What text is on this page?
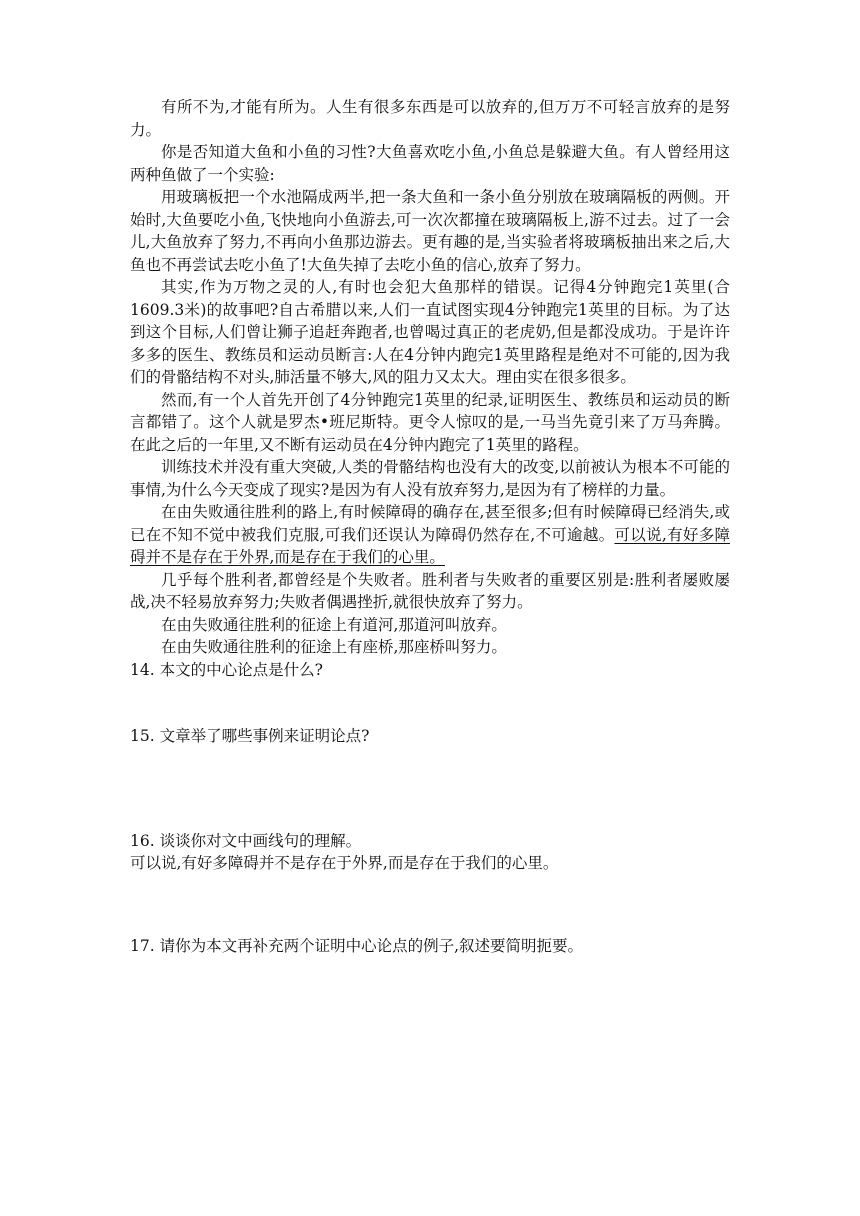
有所不为,才能有所为。人生有很多东西是可以放弃的,但万万不可轻言放弃的是努力。

你是否知道大鱼和小鱼的习性?大鱼喜欢吃小鱼,小鱼总是躲避大鱼。有人曾经用这两种鱼做了一个实验:

用玻璃板把一个水池隔成两半,把一条大鱼和一条小鱼分别放在玻璃隔板的两侧。开始时,大鱼要吃小鱼,飞快地向小鱼游去,可一次次都撞在玻璃隔板上,游不过去。过了一会儿,大鱼放弃了努力,不再向小鱼那边游去。更有趣的是,当实验者将玻璃板抽出来之后,大鱼也不再尝试去吃小鱼了!大鱼失掉了去吃小鱼的信心,放弃了努力。

其实,作为万物之灵的人,有时也会犯大鱼那样的错误。记得4分钟跑完1英里(合1609.3米)的故事吧?自古希腊以来,人们一直试图实现4分钟跑完1英里的目标。为了达到这个目标,人们曾让狮子追赶奔跑者,也曾喝过真正的老虎奶,但是都没成功。于是许许多多的医生、教练员和运动员断言:人在4分钟内跑完1英里路程是绝对不可能的,因为我们的骨骼结构不对头,肺活量不够大,风的阻力又太大。理由实在很多很多。

然而,有一个人首先开创了4分钟跑完1英里的纪录,证明医生、教练员和运动员的断言都错了。这个人就是罗杰•班尼斯特。更令人惊叹的是,一马当先竟引来了万马奔腾。在此之后的一年里,又不断有运动员在4分钟内跑完了1英里的路程。

训练技术并没有重大突破,人类的骨骼结构也没有大的改变,以前被认为根本不可能的事情,为什么今天变成了现实?是因为有人没有放弃努力,是因为有了榜样的力量。

在由失败通往胜利的路上,有时候障碍的确存在,甚至很多;但有时候障碍已经消失,或已在不知不觉中被我们克服,可我们还误认为障碍仍然存在,不可逾越。可以说,有好多障碍并不是存在于外界,而是存在于我们的心里。

几乎每个胜利者,都曾经是个失败者。胜利者与失败者的重要区别是:胜利者屡败屡战,决不轻易放弃努力;失败者偶遇挫折,就很快放弃了努力。

在由失败通往胜利的征途上有道河,那道河叫放弃。

在由失败通往胜利的征途上有座桥,那座桥叫努力。

14. 本文的中心论点是什么?

15. 文章举了哪些事例来证明论点?

16. 谈谈你对文中画线句的理解。

可以说,有好多障碍并不是存在于外界,而是存在于我们的心里。

17. 请你为本文再补充两个证明中心论点的例子,叙述要简明扼要。
